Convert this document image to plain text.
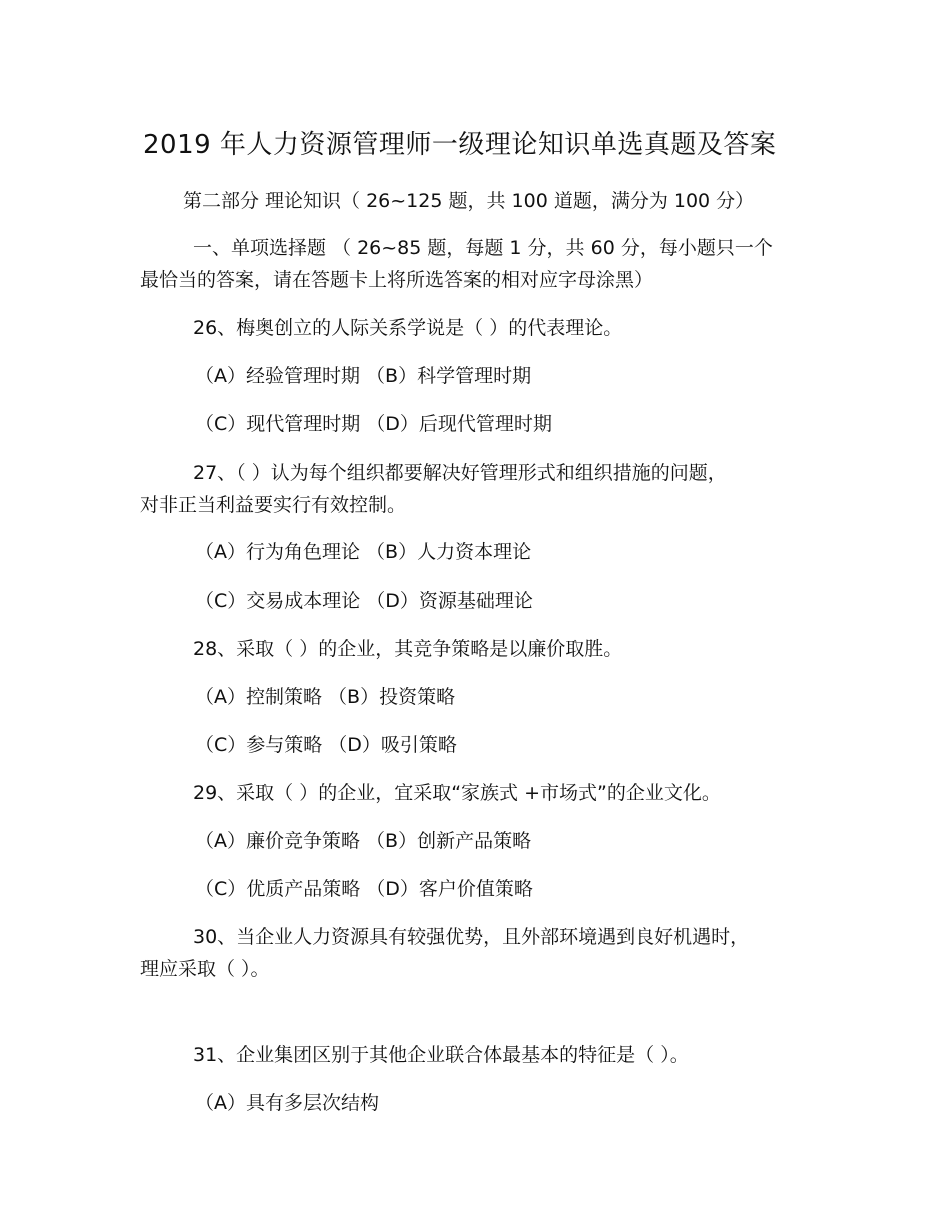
2019 年人力资源管理师一级理论知识单选真题及答案
第二部分 理论知识（ 26~125 题，共 100 道题，满分为 100 分）
一、单项选择题 （ 26~85 题，每题 1 分，共 60 分，每小题只一个
最恰当的答案，请在答题卡上将所选答案的相对应字母涂黑）
26、梅奥创立的人际关系学说是（ ）的代表理论。
（A）经验管理时期 （B）科学管理时期
（C）现代管理时期 （D）后现代管理时期
27、（ ）认为每个组织都要解决好管理形式和组织措施的问题，
对非正当利益要实行有效控制。
（A）行为角色理论 （B）人力资本理论
（C）交易成本理论 （D）资源基础理论
28、采取（ ）的企业，其竞争策略是以廉价取胜。
（A）控制策略 （B）投资策略
（C）参与策略 （D）吸引策略
29、采取（ ）的企业，宜采取“家族式 +市场式”的企业文化。
（A）廉价竞争策略 （B）创新产品策略
（C）优质产品策略 （D）客户价值策略
30、当企业人力资源具有较强优势，且外部环境遇到良好机遇时，
理应采取（ ）。
31、企业集团区别于其他企业联合体最基本的特征是（ ）。
（A）具有多层次结构
